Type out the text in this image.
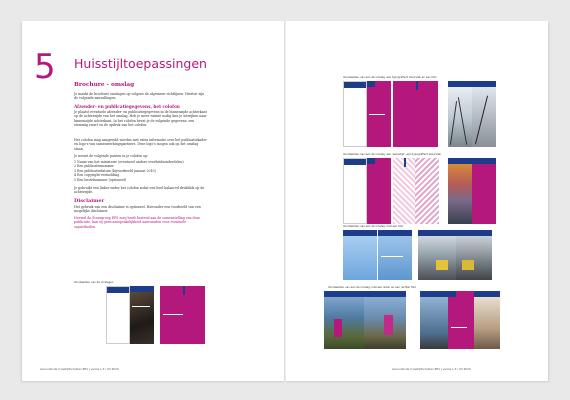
5 Huisstijltoepassingen
Brochure - omslag
Je maakt de brochure omslagen op volgens de algemene richtlijnen. Hiertoe zijn de volgende aanvullingen.
Afzender- en publicatiegegevens, het colofon
Je plaatst eventuele afzender- en publicatiegegevens in de binnenzijde achterkant op de achterzijde van het omslag. Heb je meer ruimte nodig kun je uitwijken naar binnenzijde achterkant. In het colofon bevat je de volgende gegevens: een stemmig zwart en de opdruk van het colofon.
Het colofon mag aangevuld worden met extra informatie over het publicatiekader en logo's van samenwerkingspartners. Deze logo's mogen ook op het omslag staan.
Je neemt de volgende punten in je colofon op:
1 Naam van het ministerie (eventueel andere overheidsonderdelen)
2 Een publicatienummer
3 Een publicatiedatum (bijvoorbeeld januari 2010)
4 Een copyright-vermelding
5 Een bestelnummer (optioneel)
Je gebruikt een linker onder het colofon zodat een heel balanced drukblok op de achterzijde.
Disclaimer
Het gebruik van een disclaimer is optioneel. Hieronder een voorbeeld van een mogelijke disclaimer.
Hoewel de Stuurgroep EPS zorg heeft besteed aan de samenstelling van deze publicatie, kan zij geen aansprakelijkheid aanvaarden voor eventuele onjuistheden.
Voorbeelden van 4e omslagen
Aanvullende huisstijlformaten EPS | versie 1.3 / 03.2010
Voorbeelden van een 4e omslag, een typografisch kleurvlak en een foto
Voorbeelden van een 4e omslag, een 'wensdijk', een typografisch kleurvlak
Voorbeelden van een 4e omslag, met een foto
Voorbeelden van een 4e omslag, met een linker en een rechter foto
Aanvullende huisstijlformaten EPS | versie 1.3 / 03.2010
